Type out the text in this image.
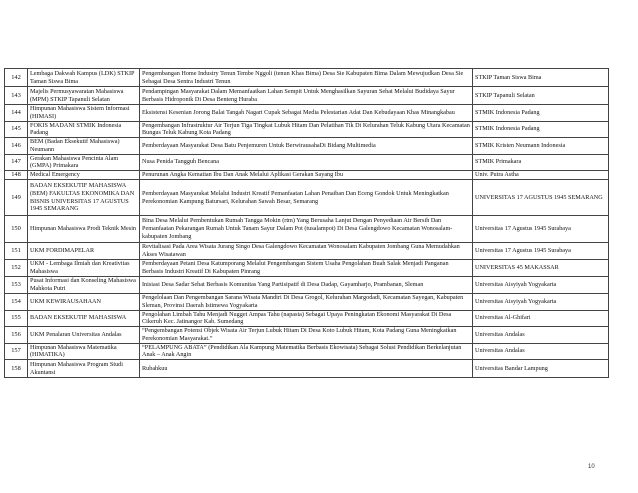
142	Lembaga Dakwah Kampus (LDK) STKIP Taman Siswa Bima	Pengembangan Home Industry Tenun Tembe Nggoli (tenun Khas Bima) Desa Sie Kabupaten Bima Dalam Mewujudkan Desa Sie Sebagai Desa Sentra Industri Tenun	STKIP Taman Siswa Bima
143	Majelis Permusyawaratan Mahasiswa (MPM) STKIP Tapanuli Selatan	Pendampingan Masyarakat Dalam Memanfaatkan Lahan Sempit Untuk Menghasilkan Sayuran Sehat Melalui Budidaya Sayur Berbasis Hidroponik Di Desa Benteng Huraba	STKIP Tapanuli Selatan
144	Himpunan Mahasiswa Sistem Informasi (HIMASI)	Eksistensi Kesenian Jorong Balai Tangah Nagari Cupak Sebagai Media Pelestarian Adat Dan Kebudayaan Khas Minangkabau	STMIK Indonesia Padang
145	FOKIS MADANI STMIK Indonesia Padang	Pengembangan Infrastruktur Air Terjun Tiga Tingkat Lubuk Hitam Dan Pelatihan Tik Di Kelurahan Teluk Kabung Utara Kecamatan Bungus Teluk Kabung Kota Padang	STMIK Indonesia Padang
146	BEM (Badan Eksekutif Mahasiswa) Neumann	Pemberdayaan Masyarakat Desa Batu Penjemuren Untuk BerwirausahaDi Bidang Multimedia	STMIK Kristen Neumann Indonesia
147	Gerakan Mahasiswa Pencinta Alam (GMPA) Primakara	Nusa Penida Tangguh Bencana	STMIK Primakara
148	Medical Emergency	Penurunan Angka Kematian Ibu Dan Anak Melalui Aplikasi Gerakan Sayang Ibu	Univ. Putra Astha
149	BADAN EKSEKUTIF MAHASISWA (BEM) FAKULTAS EKONOMIKA DAN BISNIS UNIVERSITAS 17 AGUSTUS 1945 SEMARANG	Pemberdayaan Masyarakat Melalui Industri Kreatif Pemanfaatan Lahan Penaiban Dan Eceng Gondok Untuk Meningkatkan Perekonomian Kampung Batursari, Kelurahan Sawah Besar, Semarang	UNIVERSITAS 17 AGUSTUS 1945 SEMARANG
150	Himpunan Mahasiswa Prodi Teknik Mesin	Bina Desa Melalui Pembentukan Rumah Tangga Mokin (rtm) Yang Berusaha Lanjut Dengan Penyediaan Air Bersih Dan Pemanfaatan Pekarangan Rumah Untuk Tanam Sayur Dalam Pot (tusalampot) Di Desa Galengdowo Kecamatan Wonosalam-kabupaten Jombang	Universitas 17 Agustus 1945 Surabaya
151	UKM FORDIMAPELAR	Revitalisasi Pada Area Wisata Jurang Singo Desa Galengdowo Kecamatan Wonosalam Kabupaten Jombang Guna Memudahkan Akses Wisatawan	Universitas 17 Agustus 1945 Surabaya
152	UKM - Lembaga Ilmiah dan Kreativitas Mahasiswa	Pemberdayaan Petani Desa Katumporang Melalui Pengembangan Sistem Usaha Pengolahan Buah Salak Menjadi Panganan Berbasis Industri Kreatif Di Kabupaten Pinrang	UNIVERSITAS 45 MAKASSAR
153	Pusat Informasi dan Konseling Mahasiswa Mahkota Putri	Inisiasi Desa Sadar Sehat Berbasis Komunitas Yang Partisipatif di Desa Dadap, Gayamharjo, Prambanan, Sleman	Universitas Aisyiyah Yogyakarta
154	UKM KEWIRAUSAHAAN	Pengelolaan Dan Pengembangan Sarana Wisata Mandiri Di Desa Grogol, Kelurahan Margodadi, Kecamatan Sayegan, Kabupaten Sleman, Provinsi Daerah Istimewa Yogyakarta	Universitas Aisyiyah Yogyakarta
155	BADAN EKSEKUTIF MAHASISWA	Pengolahan Limbah Tahu Menjadi Nugget Ampas Tahu (napasta) Sebagai Upaya Peningkatan Ekonomi Masyarakat Di Desa Cikeruh Kec. Jatinangor Kab. Sumedang	Universitas Al-Ghifari
156	UKM Penalaran Universitas Andalas	“Pengembangan Potensi Objek Wisata Air Terjun Lubuk Hitam Di Desa Koto Lubuk Hitam, Kota Padang Guna Meningkatkan Perekonomian Masyarakat.”	Universitas Andalas
157	Himpunan Mahasiswa Matematika (HIMATIKA)	“PELAMPUNG ABATA” (Pendidikan Ala Kampung Matematika Berbasis Ekowisata) Sebagai Solusi Pendidikan Berkelanjutan Anak – Anak Angin	Universitas Andalas
158	Himpunan Mahasiswa Program Studi Akuntansi	Rubahkuu	Universitas Bandar Lampung
10
